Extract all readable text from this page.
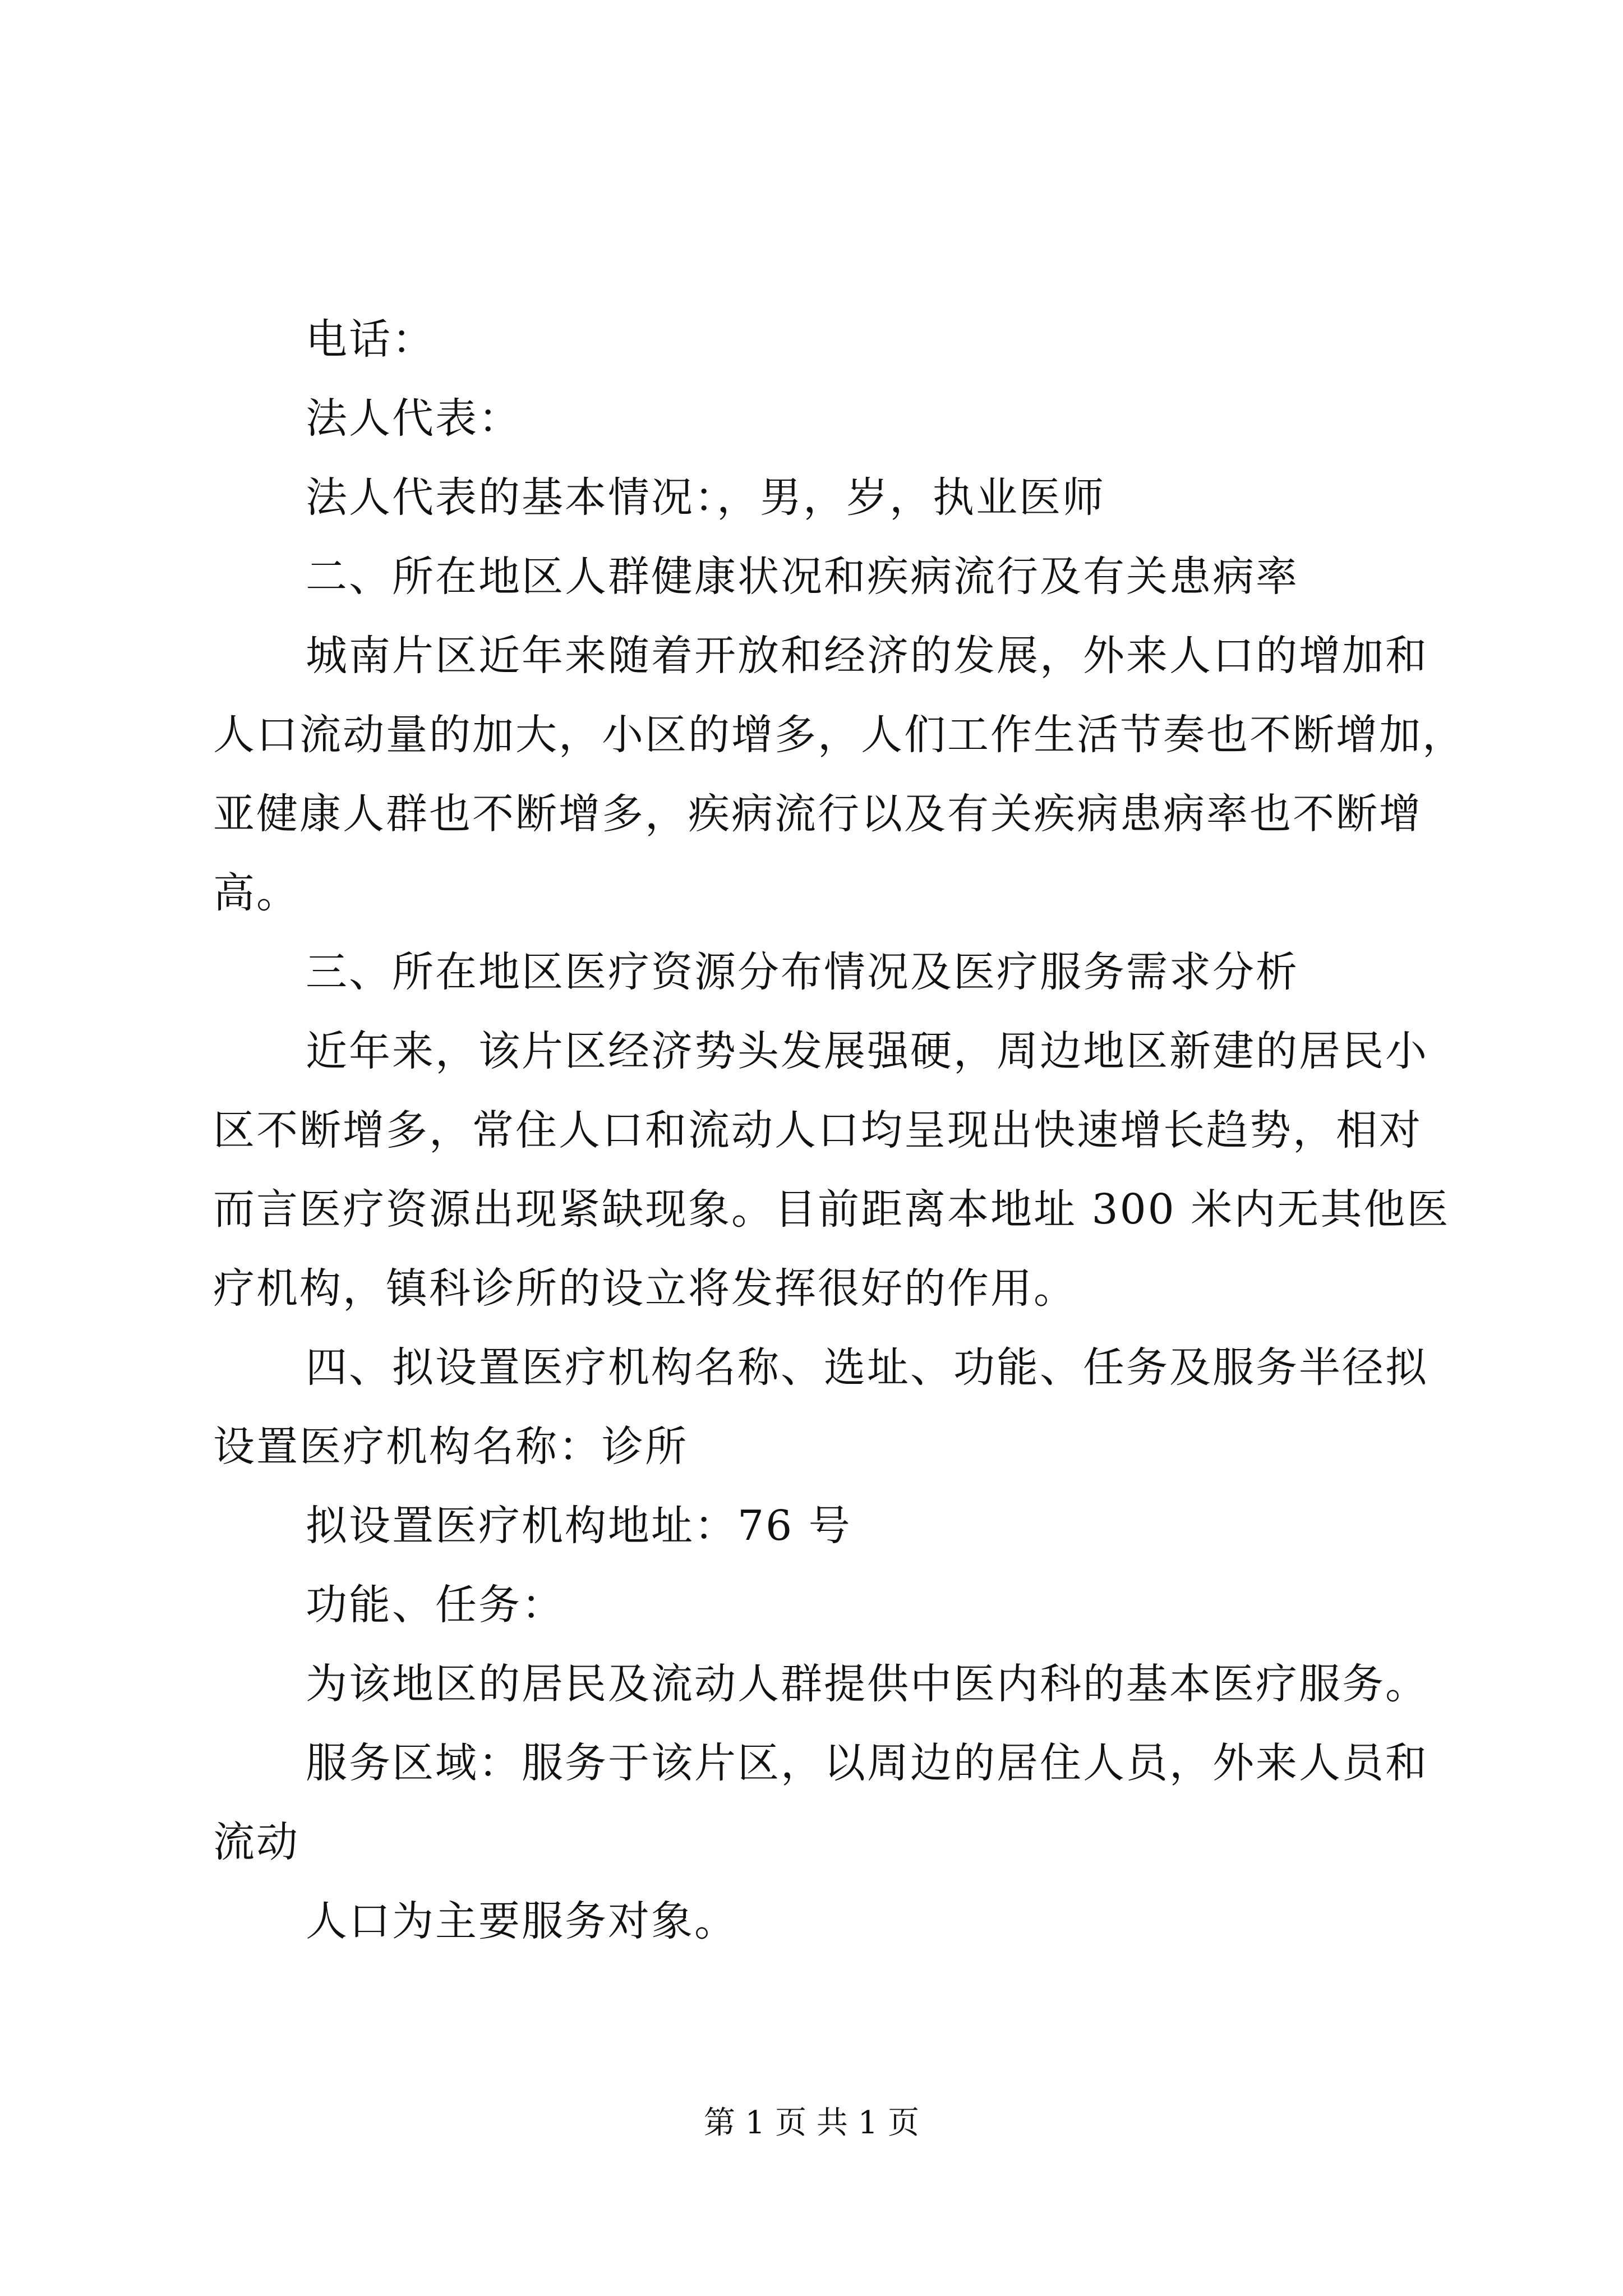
电话：
法人代表：
法人代表的基本情况：，男，岁，执业医师
二、所在地区人群健康状况和疾病流行及有关患病率
城南片区近年来随着开放和经济的发展，外来人口的增加和
人口流动量的加大，小区的增多，人们工作生活节奏也不断增加，
亚健康人群也不断增多，疾病流行以及有关疾病患病率也不断增
高。
三、所在地区医疗资源分布情况及医疗服务需求分析
近年来，该片区经济势头发展强硬，周边地区新建的居民小
区不断增多，常住人口和流动人口均呈现出快速增长趋势，相对
而言医疗资源出现紧缺现象。目前距离本地址 300 米内无其他医
疗机构，镇科诊所的设立将发挥很好的作用。
四、拟设置医疗机构名称、选址、功能、任务及服务半径拟
设置医疗机构名称：诊所
拟设置医疗机构地址：76 号
功能、任务：
为该地区的居民及流动人群提供中医内科的基本医疗服务。
服务区域：服务于该片区，以周边的居住人员，外来人员和
流动
人口为主要服务对象。
第 1 页 共 1 页
